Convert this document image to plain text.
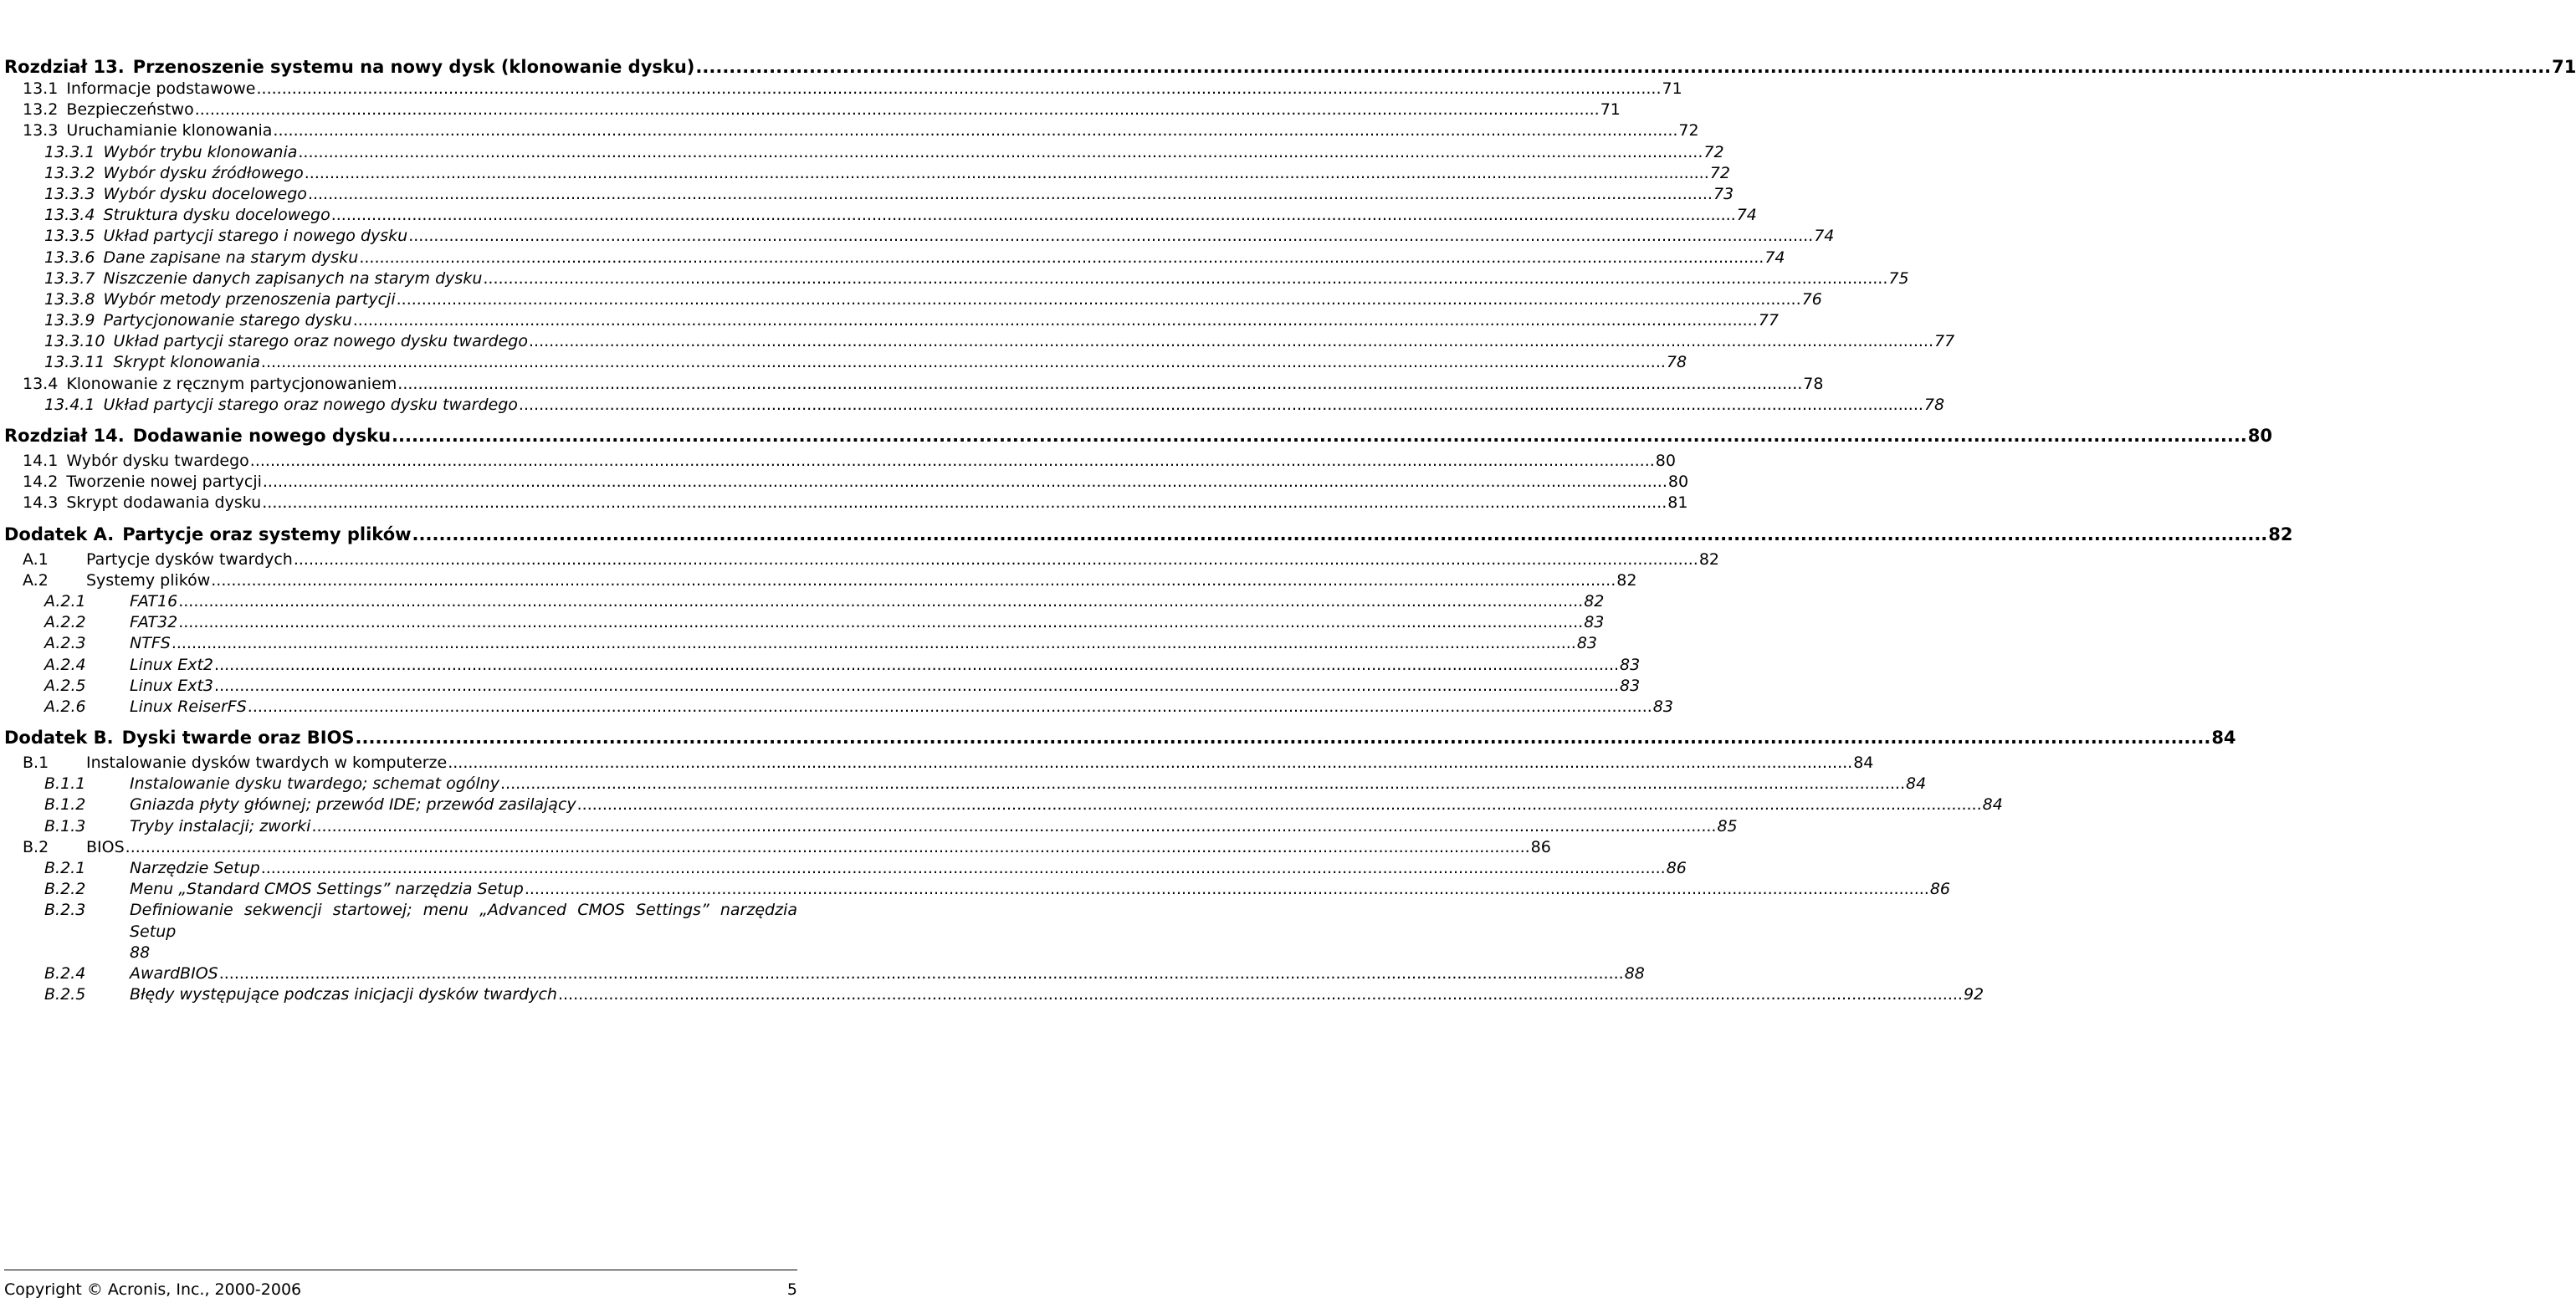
Rozdział 13. Przenoszenie systemu na nowy dysk (klonowanie dysku) .....	71
13.1 Informacje podstawowe .....	71
13.2 Bezpieczeństwo .....	71
13.3 Uruchamianie klonowania .....	72
13.3.1 Wybór trybu klonowania .....	72
13.3.2 Wybór dysku źródłowego .....	72
13.3.3 Wybór dysku docelowego .....	73
13.3.4 Struktura dysku docelowego .....	74
13.3.5 Układ partycji starego i nowego dysku .....	74
13.3.6 Dane zapisane na starym dysku .....	74
13.3.7 Niszczenie danych zapisanych na starym dysku .....	75
13.3.8 Wybór metody przenoszenia partycji .....	76
13.3.9 Partycjonowanie starego dysku .....	77
13.3.10 Układ partycji starego oraz nowego dysku twardego .....	77
13.3.11 Skrypt klonowania .....	78
13.4 Klonowanie z ręcznym partycjonowaniem .....	78
13.4.1 Układ partycji starego oraz nowego dysku twardego .....	78
Rozdział 14. Dodawanie nowego dysku .....	80
14.1 Wybór dysku twardego .....	80
14.2 Tworzenie nowej partycji .....	80
14.3 Skrypt dodawania dysku .....	81
Dodatek A. Partycje oraz systemy plików .....	82
A.1	Partycje dysków twardych .....	82
A.2	Systemy plików .....	82
A.2.1	FAT16 .....	82
A.2.2	FAT32 .....	83
A.2.3	NTFS .....	83
A.2.4	Linux Ext2 .....	83
A.2.5	Linux Ext3 .....	83
A.2.6	Linux ReiserFS .....	83
Dodatek B. Dyski twarde oraz BIOS .....	84
B.1	Instalowanie dysków twardych w komputerze .....	84
B.1.1	Instalowanie dysku twardego; schemat ogólny .....	84
B.1.2	Gniazda płyty głównej; przewód IDE; przewód zasilający .....	84
B.1.3	Tryby instalacji; zworki .....	85
B.2	BIOS .....	86
B.2.1	Narzędzie Setup .....	86
B.2.2	Menu „Standard CMOS Settings” narzędzia Setup .....	86
B.2.3	Definiowanie sekwencji startowej; menu „Advanced CMOS Settings” narzędzia Setup
88
B.2.4	AwardBIOS .....	88
B.2.5	Błędy występujące podczas inicjacji dysków twardych .....	92
Copyright © Acronis, Inc., 2000-2006	5
